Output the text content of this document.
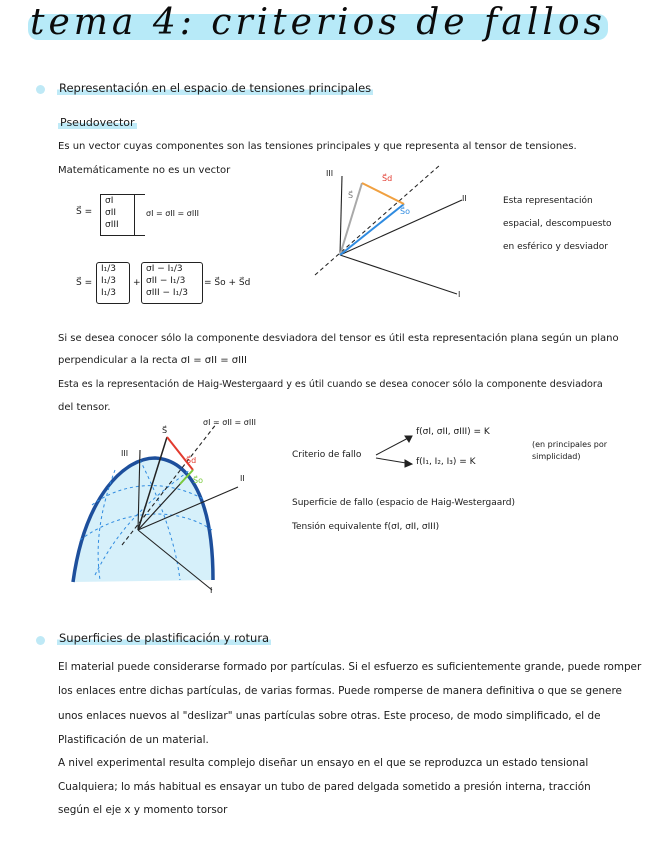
tema 4: criterios de fallos
Representación en el espacio de tensiones principales
Pseudovector
Es un vector cuyas componentes son las tensiones principales y que representa al tensor de tensiones.
Matemáticamente no es un vector
S⃗ =
σI
σII
σIII
σI = σII = σIII
S⃗ =
I₁/3
I₁/3
I₁/3
+
σI − I₁/3
σII − I₁/3
σIII − I₁/3
= S⃗o + S⃗d
III
II
I
S⃗
S⃗o
S⃗d
Esta representación
espacial, descompuesto
en esférico y desviador
Si se desea conocer sólo la componente desviadora del tensor es útil esta representación plana según un plano
perpendicular a la recta σI = σII = σIII
Esta es la representación de Haig-Westergaard y es útil cuando se desea conocer sólo la componente desviadora
del tensor.
III
II
I
σI = σII = σIII
S⃗
S⃗d
S⃗o
Criterio de fallo
f(σI, σII, σIII) = K
f(I₁, I₂, I₃) = K
(en principales por
simplicidad)
Superficie de fallo (espacio de Haig-Westergaard)
Tensión equivalente f(σI, σII, σIII)
Superficies de plastificación y rotura
El material puede considerarse formado por partículas. Si el esfuerzo es suficientemente grande, puede romper
los enlaces entre dichas partículas, de varias formas. Puede romperse de manera definitiva o que se genere
unos enlaces nuevos al "deslizar" unas partículas sobre otras. Este proceso, de modo simplificado, el de
Plastificación de un material.
A nivel experimental resulta complejo diseñar un ensayo en el que se reproduzca un estado tensional
Cualquiera; lo más habitual es ensayar un tubo de pared delgada sometido a presión interna, tracción
según el eje x y momento torsor
